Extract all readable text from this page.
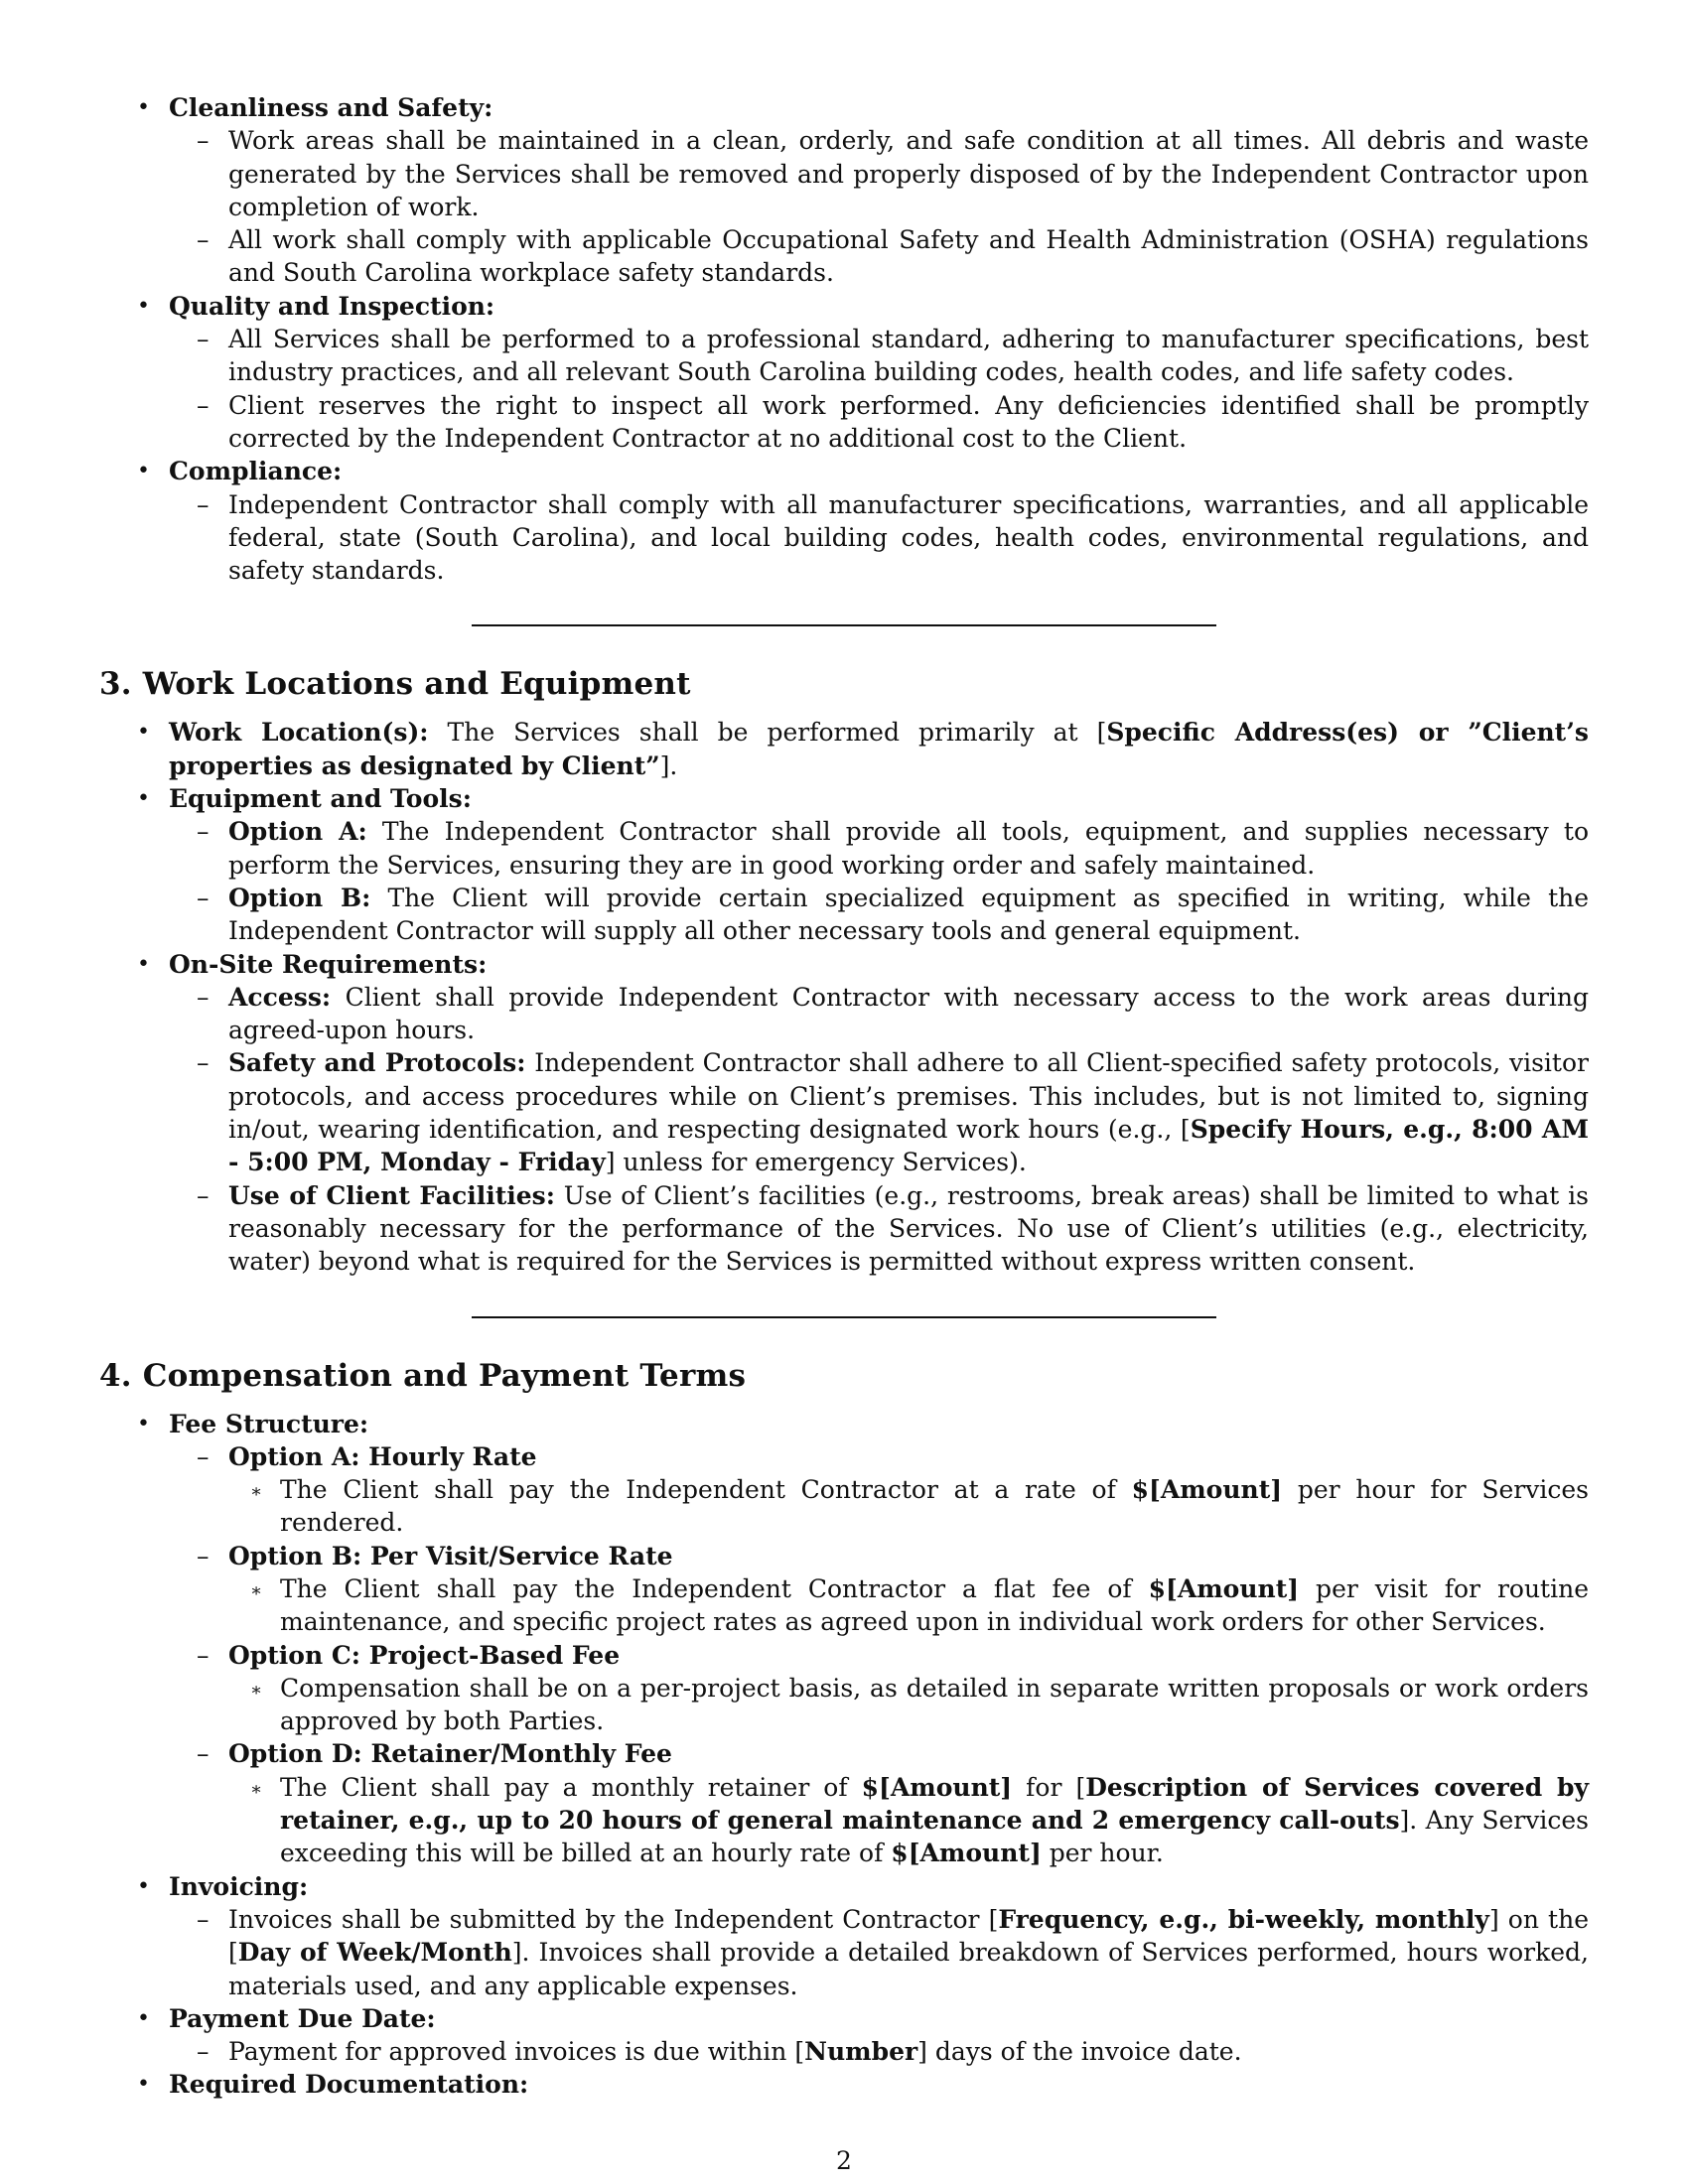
• Cleanliness and Safety:
– Work areas shall be maintained in a clean, orderly, and safe condition at all times. All debris and waste generated by the Services shall be removed and properly disposed of by the Independent Contractor upon completion of work.
– All work shall comply with applicable Occupational Safety and Health Administration (OSHA) regulations and South Carolina workplace safety standards.
• Quality and Inspection:
– All Services shall be performed to a professional standard, adhering to manufacturer specifications, best industry practices, and all relevant South Carolina building codes, health codes, and life safety codes.
– Client reserves the right to inspect all work performed. Any deficiencies identified shall be promptly corrected by the Independent Contractor at no additional cost to the Client.
• Compliance:
– Independent Contractor shall comply with all manufacturer specifications, warranties, and all applicable federal, state (South Carolina), and local building codes, health codes, environmental regulations, and safety standards.
3. Work Locations and Equipment
• Work Location(s): The Services shall be performed primarily at [Specific Address(es) or ”Client’s properties as designated by Client”].
• Equipment and Tools:
– Option A: The Independent Contractor shall provide all tools, equipment, and supplies necessary to perform the Services, ensuring they are in good working order and safely maintained.
– Option B: The Client will provide certain specialized equipment as specified in writing, while the Independent Contractor will supply all other necessary tools and general equipment.
• On-Site Requirements:
– Access: Client shall provide Independent Contractor with necessary access to the work areas during agreed-upon hours.
– Safety and Protocols: Independent Contractor shall adhere to all Client-specified safety protocols, visitor protocols, and access procedures while on Client’s premises. This includes, but is not limited to, signing in/out, wearing identification, and respecting designated work hours (e.g., [Specify Hours, e.g., 8:00 AM - 5:00 PM, Monday - Friday] unless for emergency Services).
– Use of Client Facilities: Use of Client’s facilities (e.g., restrooms, break areas) shall be limited to what is reasonably necessary for the performance of the Services. No use of Client’s utilities (e.g., electricity, water) beyond what is required for the Services is permitted without express written consent.
4. Compensation and Payment Terms
• Fee Structure:
– Option A: Hourly Rate
∗ The Client shall pay the Independent Contractor at a rate of $[Amount] per hour for Services rendered.
– Option B: Per Visit/Service Rate
∗ The Client shall pay the Independent Contractor a flat fee of $[Amount] per visit for routine maintenance, and specific project rates as agreed upon in individual work orders for other Services.
– Option C: Project-Based Fee
∗ Compensation shall be on a per-project basis, as detailed in separate written proposals or work orders approved by both Parties.
– Option D: Retainer/Monthly Fee
∗ The Client shall pay a monthly retainer of $[Amount] for [Description of Services covered by retainer, e.g., up to 20 hours of general maintenance and 2 emergency call-outs]. Any Services exceeding this will be billed at an hourly rate of $[Amount] per hour.
• Invoicing:
– Invoices shall be submitted by the Independent Contractor [Frequency, e.g., bi-weekly, monthly] on the [Day of Week/Month]. Invoices shall provide a detailed breakdown of Services performed, hours worked, materials used, and any applicable expenses.
• Payment Due Date:
– Payment for approved invoices is due within [Number] days of the invoice date.
• Required Documentation:
2
